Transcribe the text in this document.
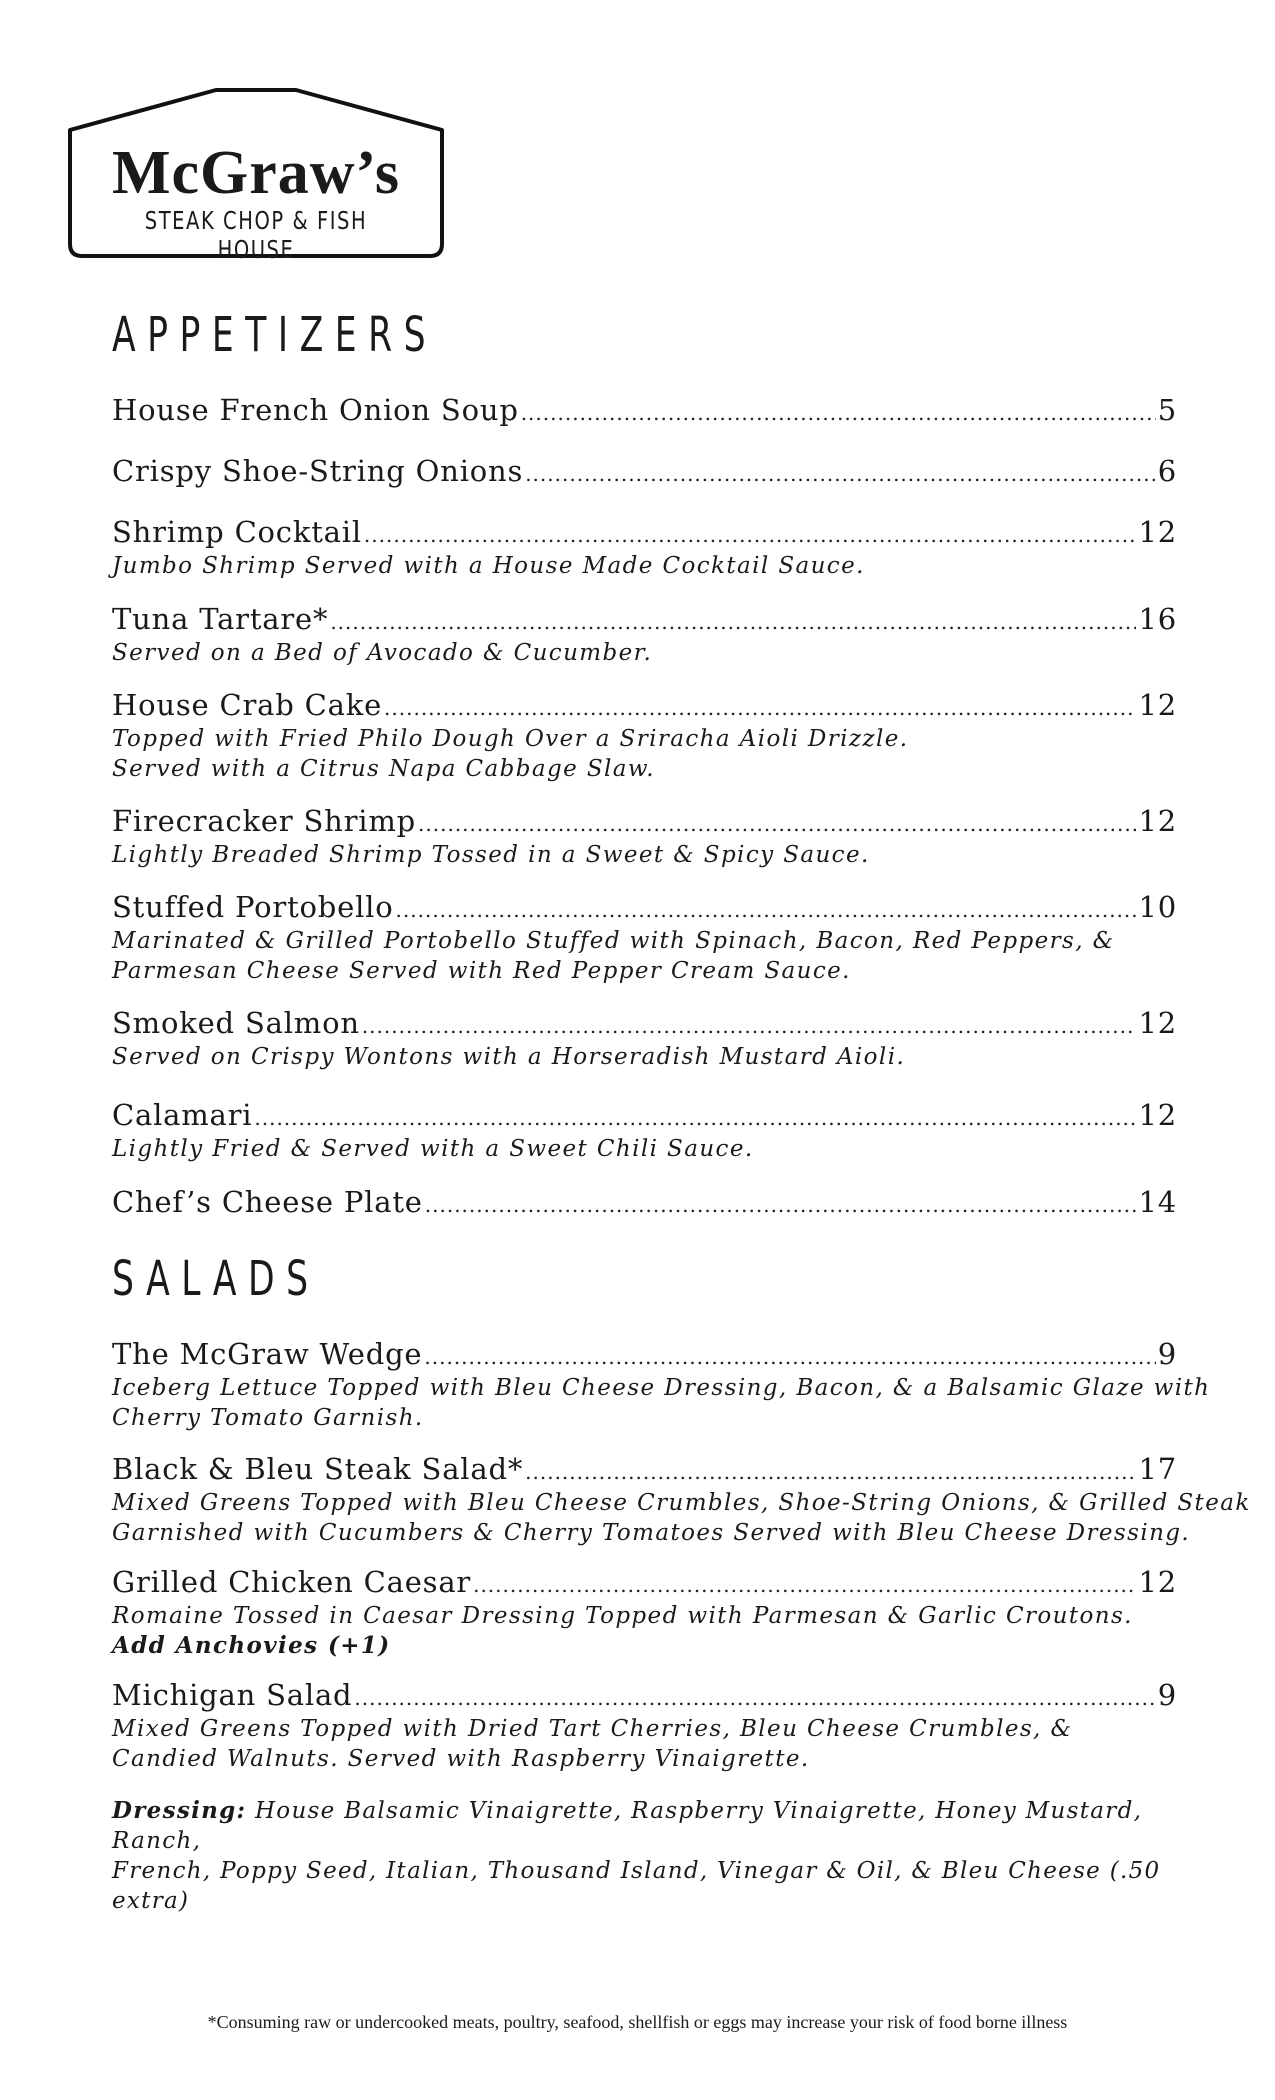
McGraw’s
STEAK CHOP & FISH HOUSE
APPETIZERS
House French Onion Soup .....	5
Crispy Shoe-String Onions .....	6
Shrimp Cocktail .....	12
Jumbo Shrimp Served with a House Made Cocktail Sauce.
Tuna Tartare* .....	16
Served on a Bed of Avocado & Cucumber.
House Crab Cake .....	12
Topped with Fried Philo Dough Over a Sriracha Aioli Drizzle.
Served with a Citrus Napa Cabbage Slaw.
Firecracker Shrimp .....	12
Lightly Breaded Shrimp Tossed in a Sweet & Spicy Sauce.
Stuffed Portobello .....	10
Marinated & Grilled Portobello Stuffed with Spinach, Bacon, Red Peppers, &
Parmesan Cheese Served with Red Pepper Cream Sauce.
Smoked Salmon .....	12
Served on Crispy Wontons with a Horseradish Mustard Aioli.
Calamari .....	12
Lightly Fried & Served with a Sweet Chili Sauce.
Chef’s Cheese Plate .....	14
SALADS
The McGraw Wedge .....	9
Iceberg Lettuce Topped with Bleu Cheese Dressing, Bacon, & a Balsamic Glaze with
Cherry Tomato Garnish.
Black & Bleu Steak Salad* .....	17
Mixed Greens Topped with Bleu Cheese Crumbles, Shoe-String Onions, & Grilled Steak
Garnished with Cucumbers & Cherry Tomatoes Served with Bleu Cheese Dressing.
Grilled Chicken Caesar .....	12
Romaine Tossed in Caesar Dressing Topped with Parmesan & Garlic Croutons.
Add Anchovies (+1)
Michigan Salad .....	9
Mixed Greens Topped with Dried Tart Cherries, Bleu Cheese Crumbles, &
Candied Walnuts. Served with Raspberry Vinaigrette.
Dressing: House Balsamic Vinaigrette, Raspberry Vinaigrette, Honey Mustard, Ranch,
French, Poppy Seed, Italian, Thousand Island, Vinegar & Oil, & Bleu Cheese (.50 extra)
*Consuming raw or undercooked meats, poultry, seafood, shellfish or eggs may increase your risk of food borne illness
